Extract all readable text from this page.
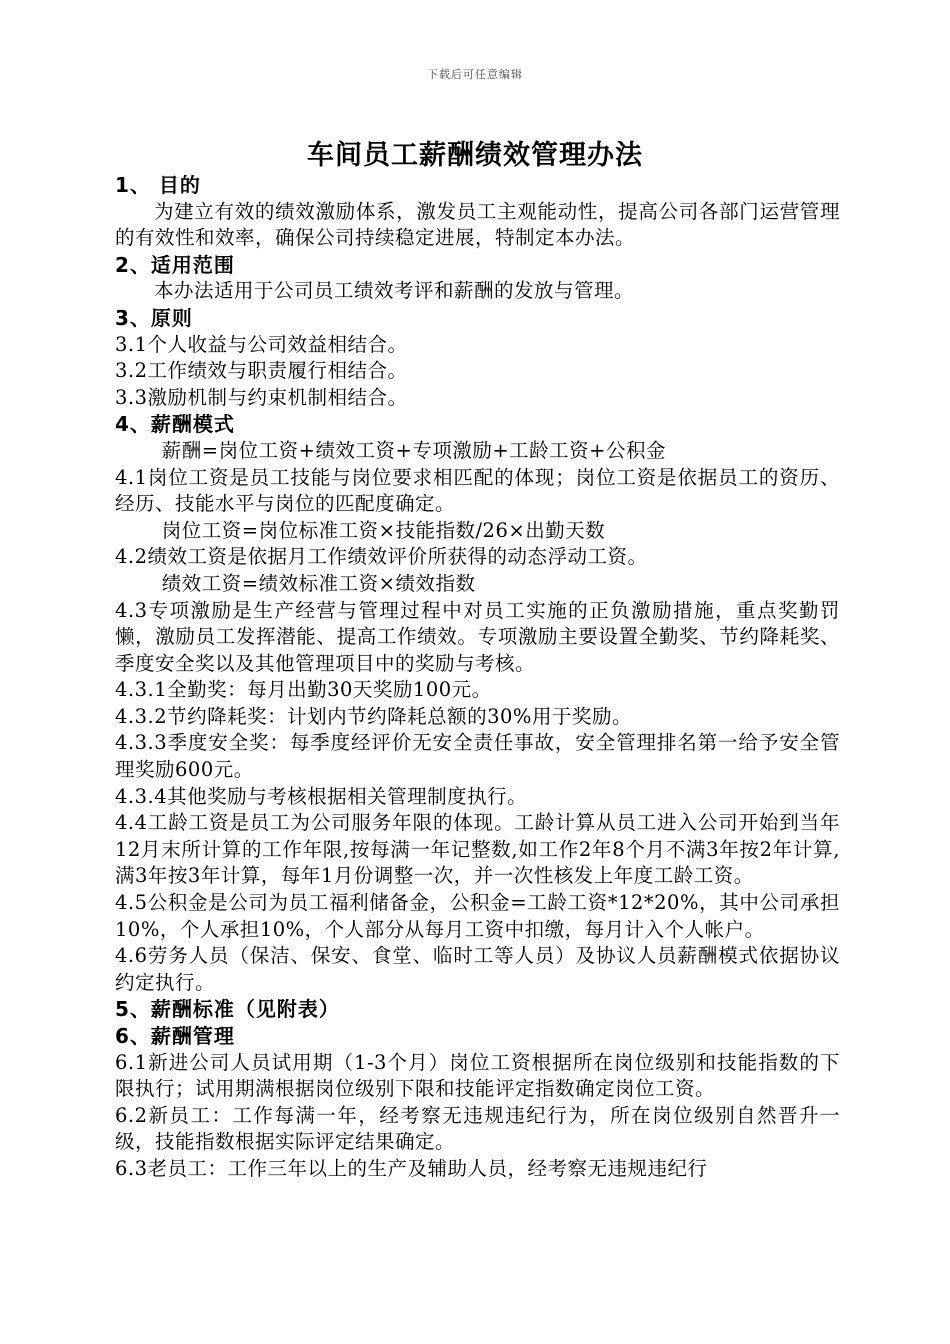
下载后可任意编辑
车间员工薪酬绩效管理办法

1、 目的

为建立有效的绩效激励体系，激发员工主观能动性，提高公司各部门运营管理的有效性和效率，确保公司持续稳定进展，特制定本办法。

2、适用范围

本办法适用于公司员工绩效考评和薪酬的发放与管理。

3、原则

3.1个人收益与公司效益相结合。

3.2工作绩效与职责履行相结合。

3.3激励机制与约束机制相结合。

4、薪酬模式

薪酬=岗位工资+绩效工资+专项激励+工龄工资+公积金

4.1岗位工资是员工技能与岗位要求相匹配的体现；岗位工资是依据员工的资历、经历、技能水平与岗位的匹配度确定。

岗位工资=岗位标准工资×技能指数/26×出勤天数

4.2绩效工资是依据月工作绩效评价所获得的动态浮动工资。

绩效工资=绩效标准工资×绩效指数

4.3专项激励是生产经营与管理过程中对员工实施的正负激励措施，重点奖勤罚懒，激励员工发挥潜能、提高工作绩效。专项激励主要设置全勤奖、节约降耗奖、季度安全奖以及其他管理项目中的奖励与考核。

4.3.1全勤奖：每月出勤30天奖励100元。

4.3.2节约降耗奖：计划内节约降耗总额的30%用于奖励。

4.3.3季度安全奖：每季度经评价无安全责任事故，安全管理排名第一给予安全管理奖励600元。

4.3.4其他奖励与考核根据相关管理制度执行。

4.4工龄工资是员工为公司服务年限的体现。工龄计算从员工进入公司开始到当年12月末所计算的工作年限,按每满一年记整数,如工作2年8个月不满3年按2年计算,满3年按3年计算，每年1月份调整一次，并一次性核发上年度工龄工资。

4.5公积金是公司为员工福利储备金，公积金=工龄工资*12*20%，其中公司承担10%，个人承担10%，个人部分从每月工资中扣缴，每月计入个人帐户。

4.6劳务人员（保洁、保安、食堂、临时工等人员）及协议人员薪酬模式依据协议约定执行。

5、薪酬标准（见附表）

6、薪酬管理

6.1新进公司人员试用期（1-3个月）岗位工资根据所在岗位级别和技能指数的下限执行；试用期满根据岗位级别下限和技能评定指数确定岗位工资。

6.2新员工：工作每满一年，经考察无违规违纪行为，所在岗位级别自然晋升一级，技能指数根据实际评定结果确定。

6.3老员工：工作三年以上的生产及辅助人员，经考察无违规违纪行
